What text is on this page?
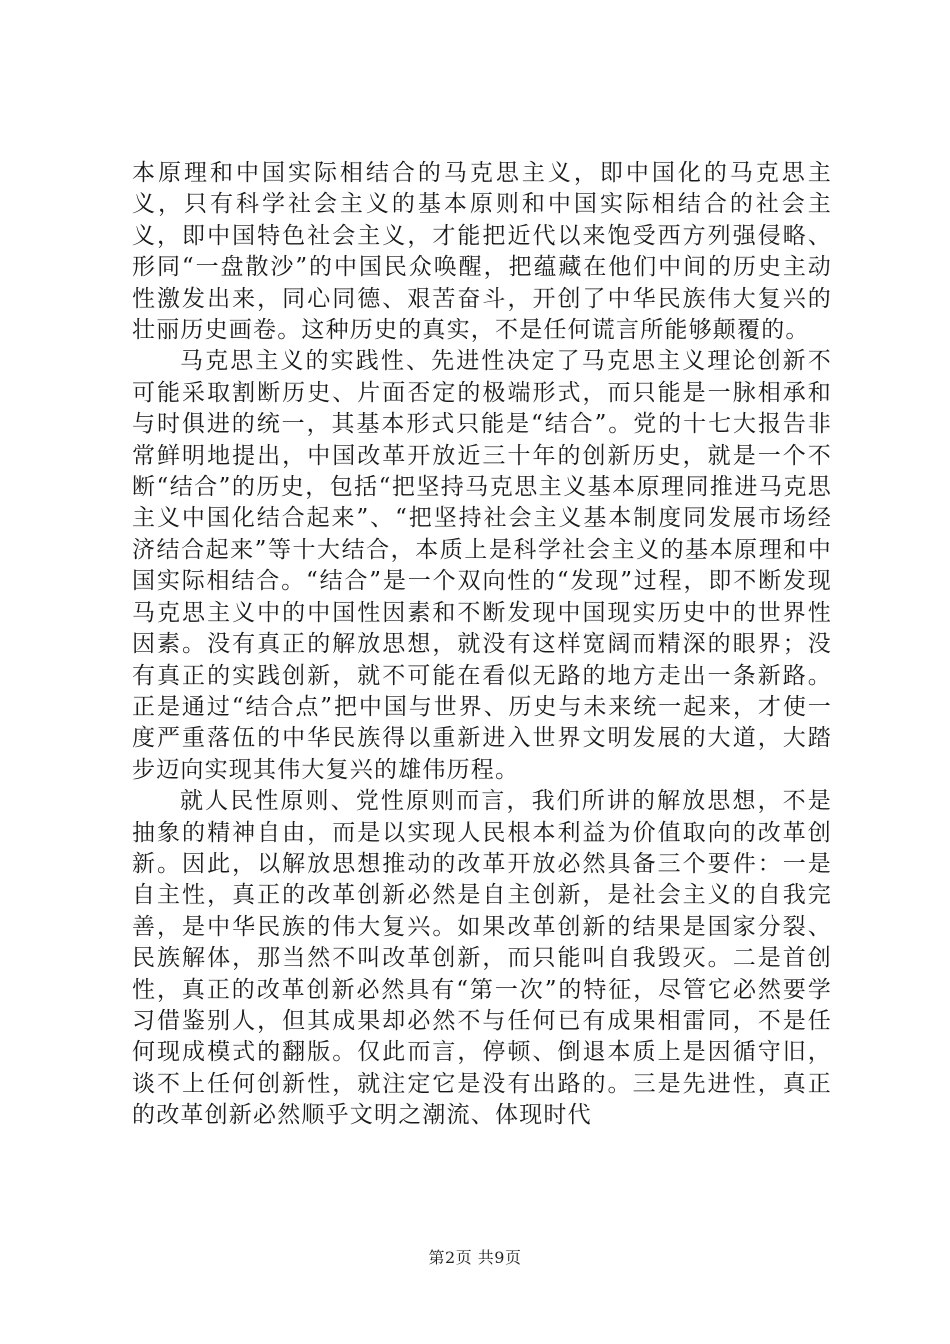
本原理和中国实际相结合的马克思主义，即中国化的马克思主义，只有科学社会主义的基本原则和中国实际相结合的社会主义，即中国特色社会主义，才能把近代以来饱受西方列强侵略、形同“一盘散沙”的中国民众唤醒，把蕴藏在他们中间的历史主动性激发出来，同心同德、艰苦奋斗，开创了中华民族伟大复兴的壮丽历史画卷。这种历史的真实，不是任何谎言所能够颠覆的。

马克思主义的实践性、先进性决定了马克思主义理论创新不可能采取割断历史、片面否定的极端形式，而只能是一脉相承和与时俱进的统一，其基本形式只能是“结合”。党的十七大报告非常鲜明地提出，中国改革开放近三十年的创新历史，就是一个不断“结合”的历史，包括“把坚持马克思主义基本原理同推进马克思主义中国化结合起来”、“把坚持社会主义基本制度同发展市场经济结合起来”等十大结合，本质上是科学社会主义的基本原理和中国实际相结合。“结合”是一个双向性的“发现”过程，即不断发现马克思主义中的中国性因素和不断发现中国现实历史中的世界性因素。没有真正的解放思想，就没有这样宽阔而精深的眼界；没有真正的实践创新，就不可能在看似无路的地方走出一条新路。正是通过“结合点”把中国与世界、历史与未来统一起来，才使一度严重落伍的中华民族得以重新进入世界文明发展的大道，大踏步迈向实现其伟大复兴的雄伟历程。

就人民性原则、党性原则而言，我们所讲的解放思想，不是抽象的精神自由，而是以实现人民根本利益为价值取向的改革创新。因此，以解放思想推动的改革开放必然具备三个要件：一是自主性，真正的改革创新必然是自主创新，是社会主义的自我完善，是中华民族的伟大复兴。如果改革创新的结果是国家分裂、民族解体，那当然不叫改革创新，而只能叫自我毁灭。二是首创性，真正的改革创新必然具有“第一次”的特征，尽管它必然要学习借鉴别人，但其成果却必然不与任何已有成果相雷同，不是任何现成模式的翻版。仅此而言，停顿、倒退本质上是因循守旧，谈不上任何创新性，就注定它是没有出路的。三是先进性，真正的改革创新必然顺乎文明之潮流、体现时代

第2页 共9页
